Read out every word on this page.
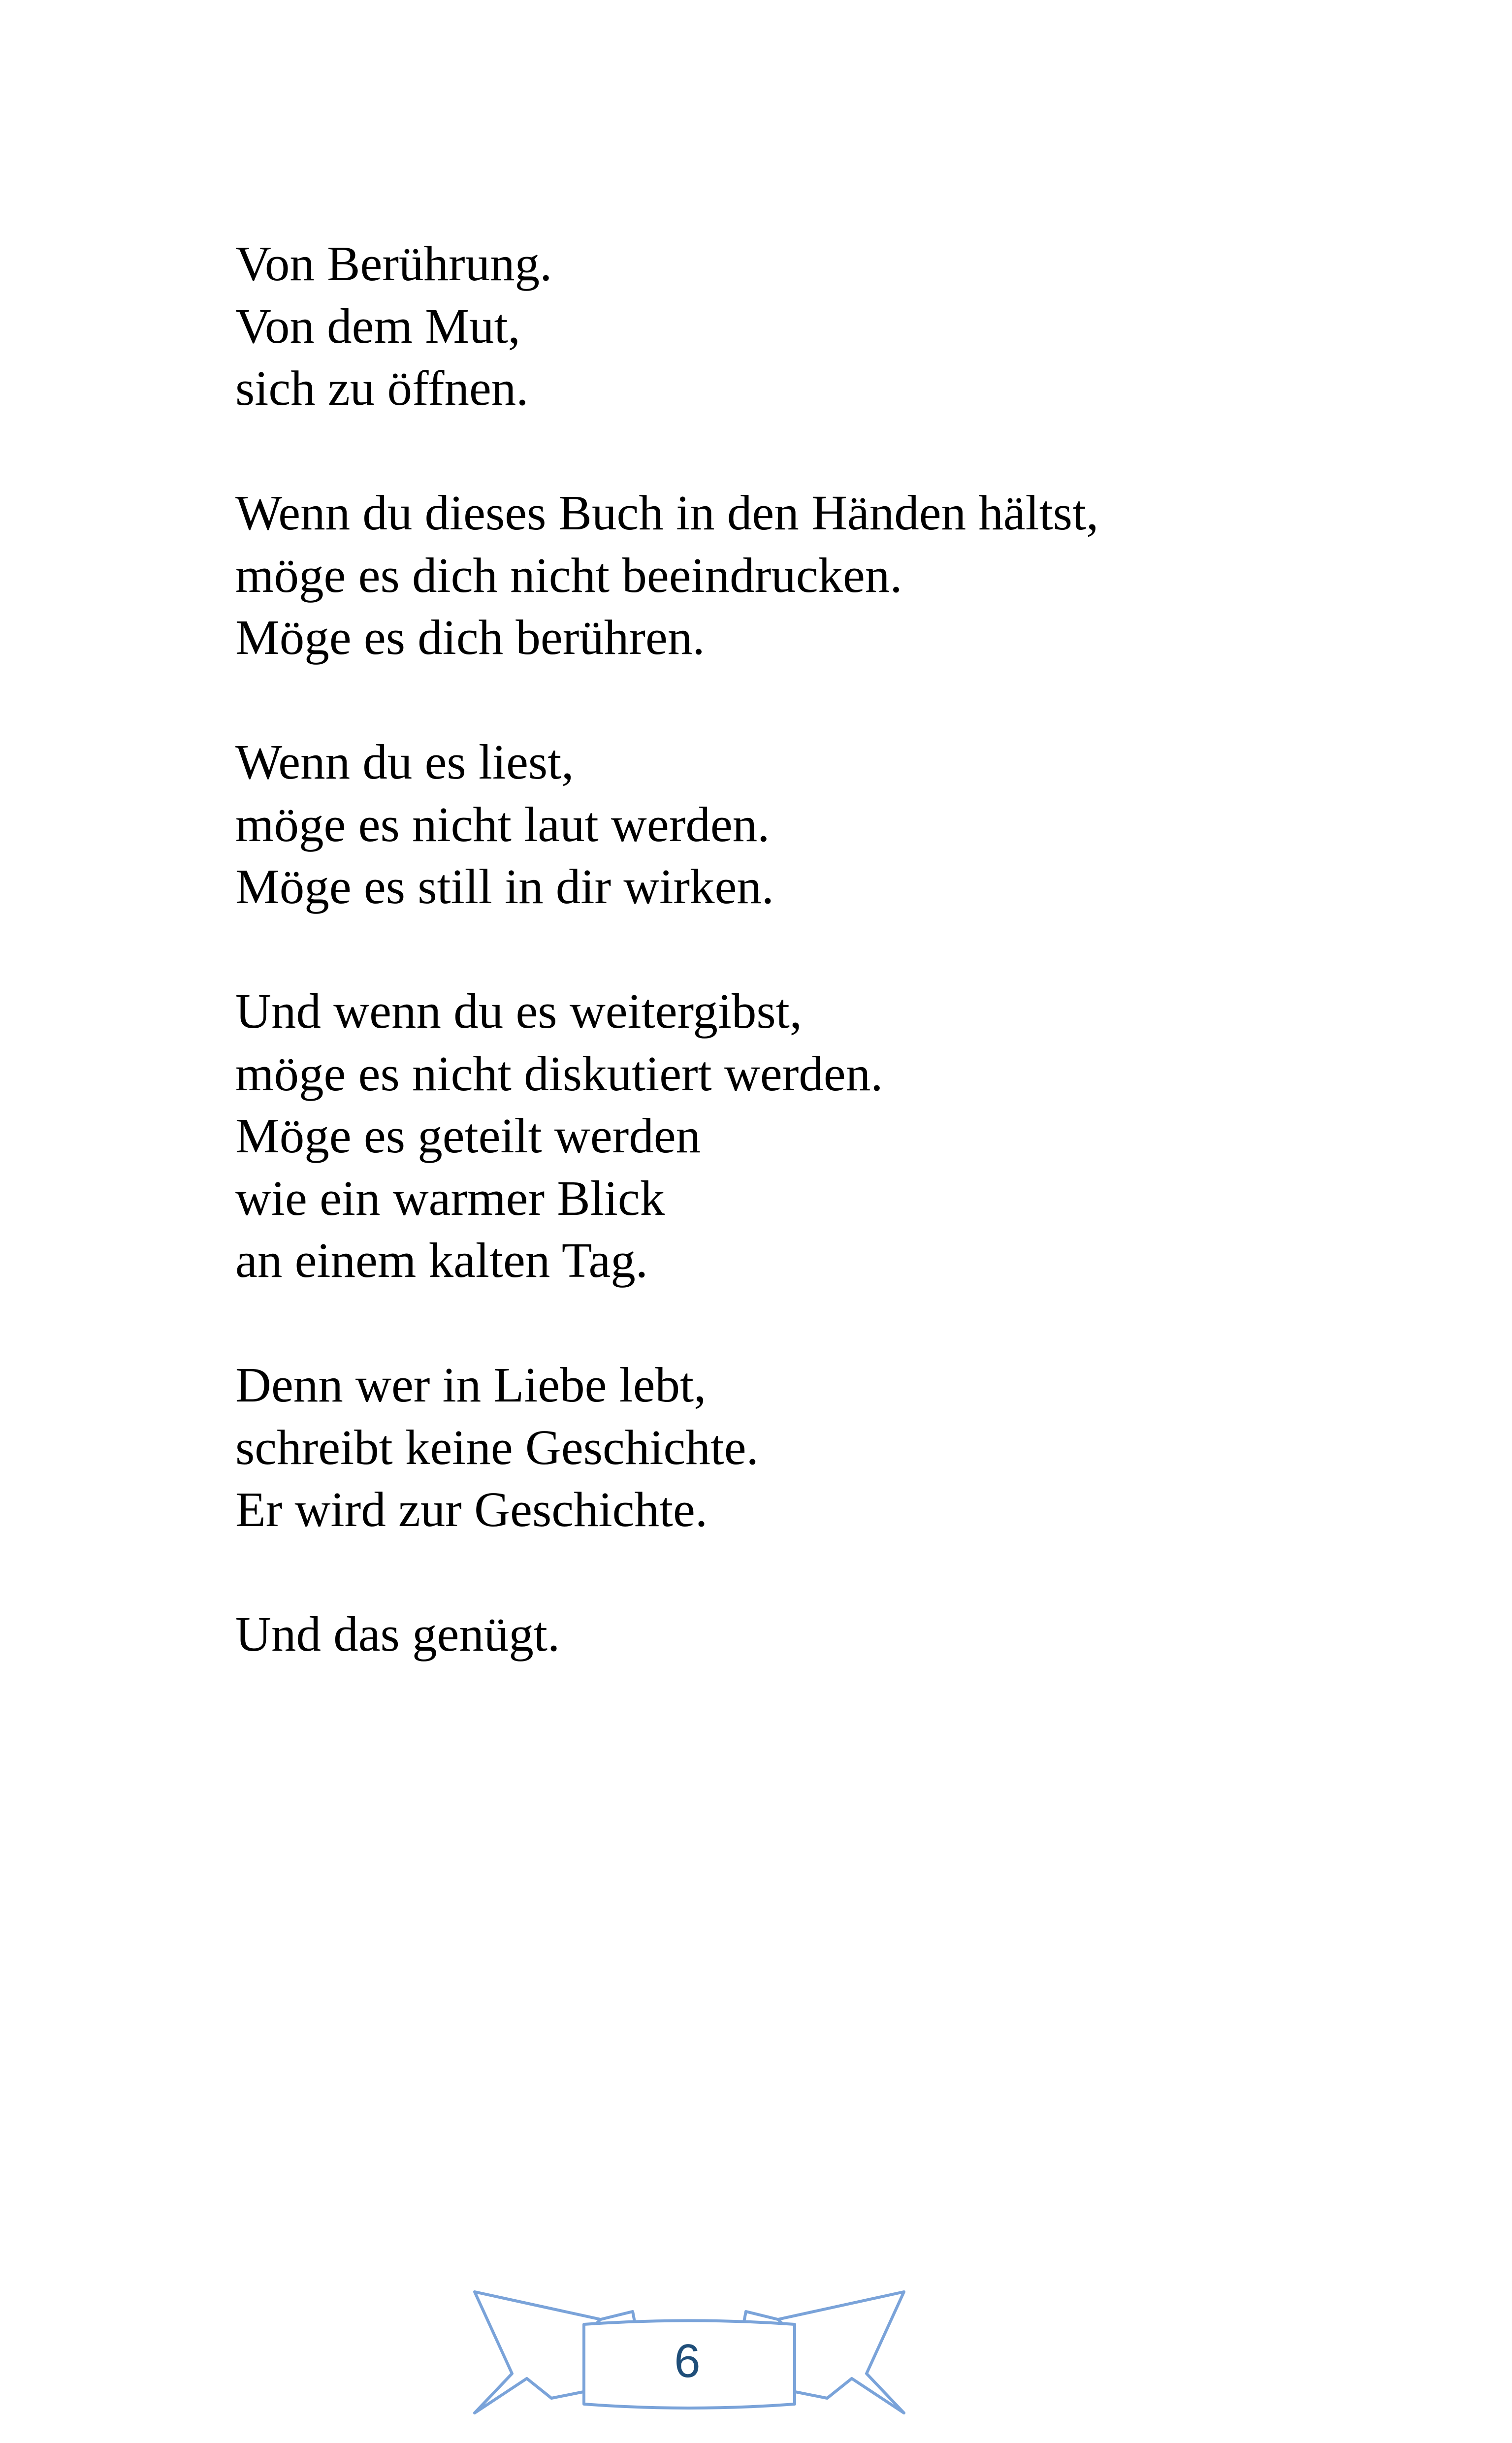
Von Berührung.
Von dem Mut,
sich zu öffnen.
Wenn du dieses Buch in den Händen hältst,
möge es dich nicht beeindrucken.
Möge es dich berühren.
Wenn du es liest,
möge es nicht laut werden.
Möge es still in dir wirken.
Und wenn du es weitergibst,
möge es nicht diskutiert werden.
Möge es geteilt werden
wie ein warmer Blick
an einem kalten Tag.
Denn wer in Liebe lebt,
schreibt keine Geschichte.
Er wird zur Geschichte.
Und das genügt.
6
